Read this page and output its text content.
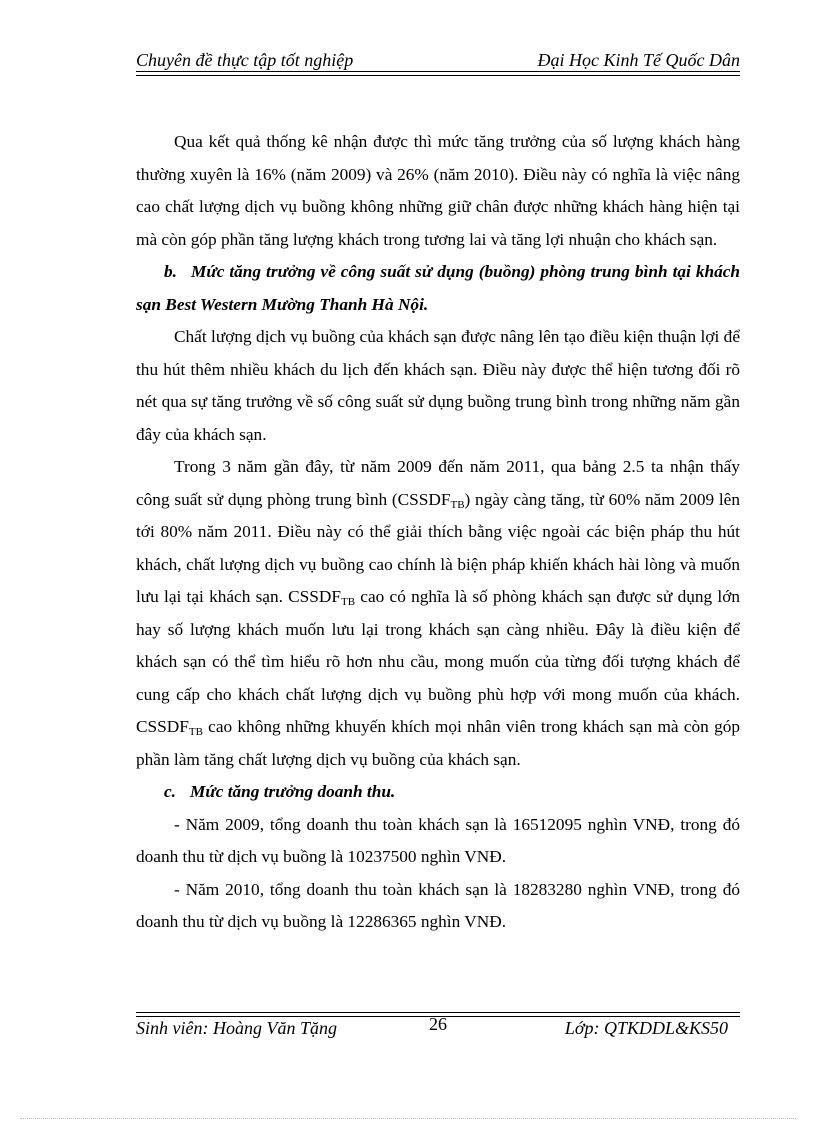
Chuyên đề thực tập tốt nghiệp	Đại Học Kinh Tế Quốc Dân

Qua kết quả thống kê nhận được thì mức tăng trưởng của số lượng khách hàng thường xuyên là 16% (năm 2009) và 26% (năm 2010). Điều này có nghĩa là việc nâng cao chất lượng dịch vụ buồng không những giữ chân được những khách hàng hiện tại mà còn góp phần tăng lượng khách trong tương lai và tăng lợi nhuận cho khách sạn.

b. Mức tăng trưởng về công suất sử dụng (buồng) phòng trung bình tại khách sạn Best Western Mường Thanh Hà Nội.

Chất lượng dịch vụ buồng của khách sạn được nâng lên tạo điều kiện thuận lợi để thu hút thêm nhiều khách du lịch đến khách sạn. Điều này được thể hiện tương đối rõ nét qua sự tăng trưởng về số công suất sử dụng buồng trung bình trong những năm gần đây của khách sạn.

Trong 3 năm gần đây, từ năm 2009 đến năm 2011, qua bảng 2.5 ta nhận thấy công suất sử dụng phòng trung bình $(CSSDF_{TB})$ ngày càng tăng, từ 60% năm 2009 lên tới 80% năm 2011. Điều này có thể giải thích bằng việc ngoài các biện pháp thu hút khách, chất lượng dịch vụ buồng cao chính là biện pháp khiến khách hài lòng và muốn lưu lại tại khách sạn. $CSSDF_{TB}$ cao có nghĩa là số phòng khách sạn được sử dụng lớn hay số lượng khách muốn lưu lại trong khách sạn càng nhiều. Đây là điều kiện để khách sạn có thể tìm hiểu rõ hơn nhu cầu, mong muốn của từng đối tượng khách để cung cấp cho khách chất lượng dịch vụ buồng phù hợp với mong muốn của khách. $CSSDF_{TB}$ cao không những khuyến khích mọi nhân viên trong khách sạn mà còn góp phần làm tăng chất lượng dịch vụ buồng của khách sạn.

c. Mức tăng trưởng doanh thu.

- Năm 2009, tổng doanh thu toàn khách sạn là 16512095 nghìn VNĐ, trong đó doanh thu từ dịch vụ buồng là 10237500 nghìn VNĐ.

- Năm 2010, tổng doanh thu toàn khách sạn là 18283280 nghìn VNĐ, trong đó doanh thu từ dịch vụ buồng là 12286365 nghìn VNĐ.

Sinh viên: Hoàng Văn Tặng	26	Lớp: QTKDDL&KS50
